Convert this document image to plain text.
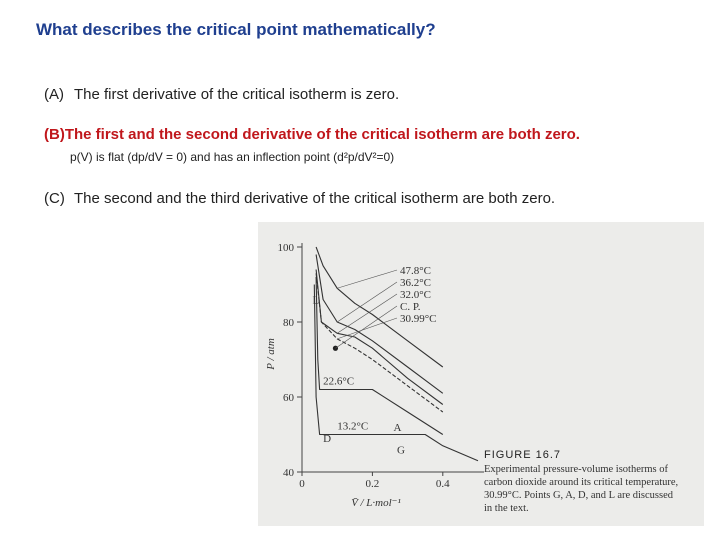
What describes the critical point mathematically?
(A) The first derivative of the critical isotherm is zero.
(B)The first and the second derivative of the critical isotherm are both zero.
p(V) is flat (dp/dV = 0) and has an inflection point (d²p/dV²=0)
(C) The second and the third derivative of the critical isotherm are both zero.
100
80
60
40
0	0.2	0.4
47.8°C
36.2°C
32.0°C
C. P.
30.99°C
22.6°C
13.2°C
L
A
D
G
P / atm
V̄ / L·mol⁻¹
FIGURE 16.7
Experimental pressure-volume isotherms of
carbon dioxide around its critical temperature,
30.99°C. Points G, A, D, and L are discussed
in the text.
